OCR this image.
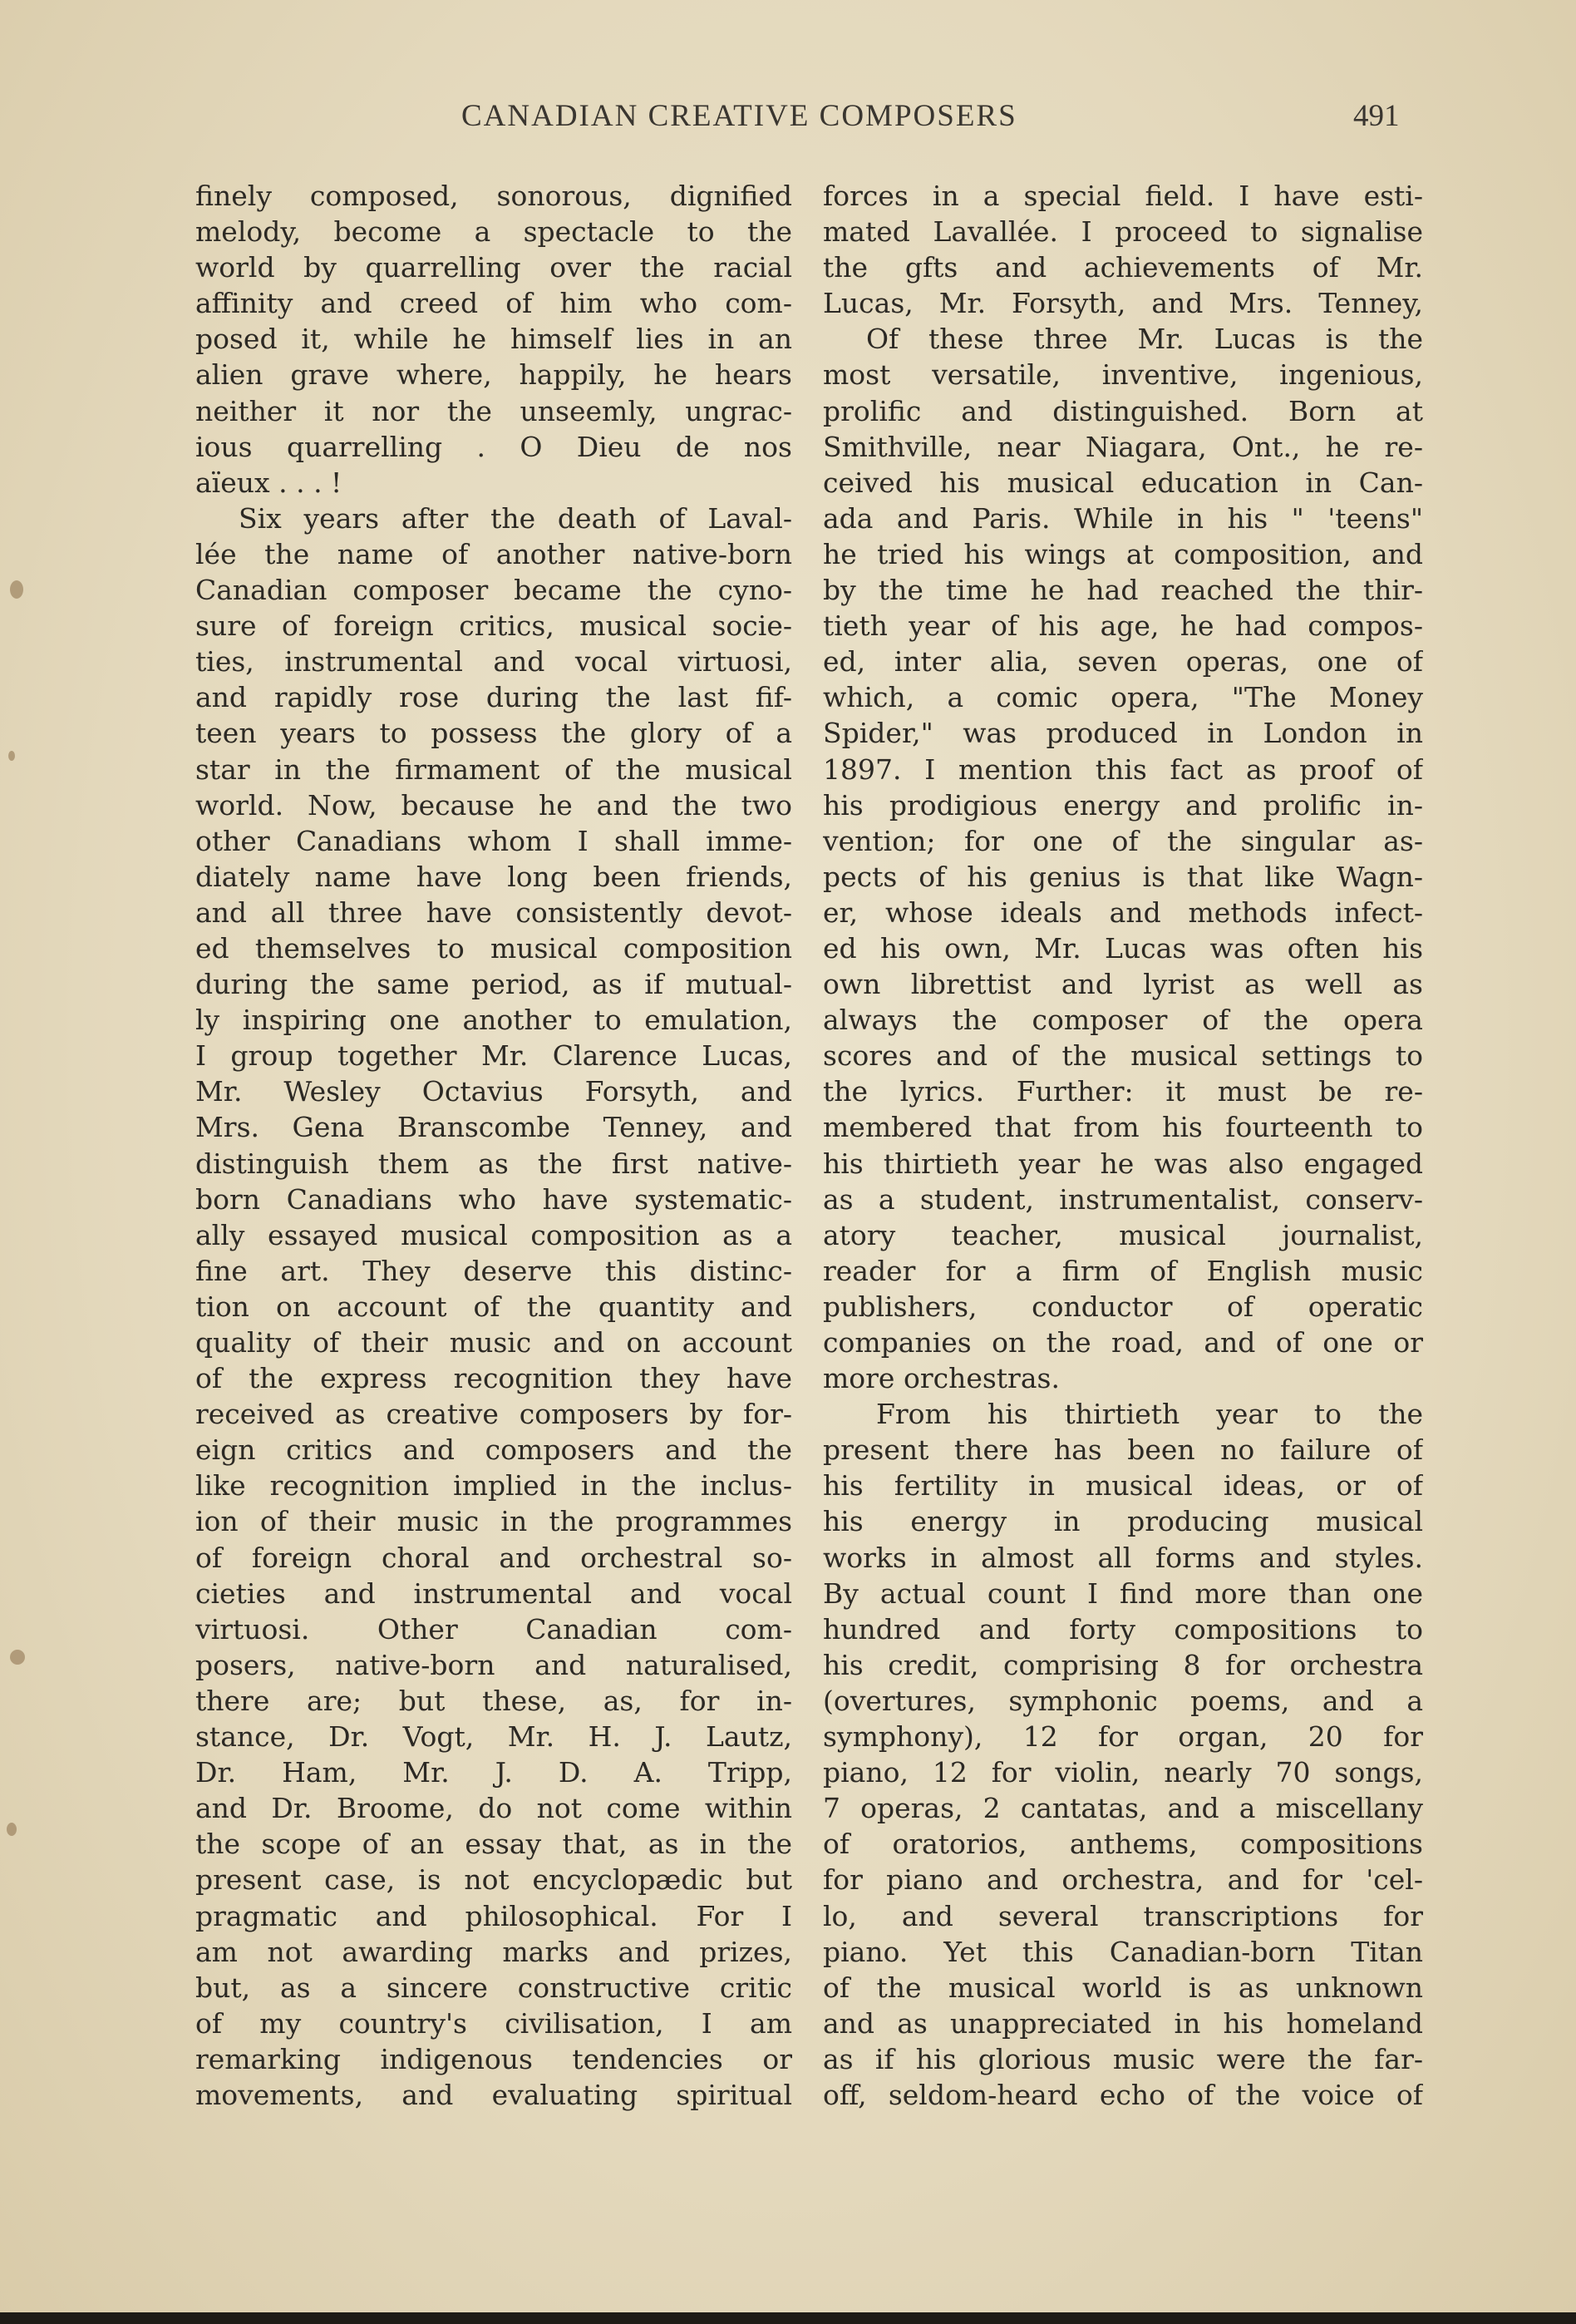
CANADIAN CREATIVE COMPOSERS	491
finely composed, sonorous, dignified
melody, become a spectacle to the
world by quarrelling over the racial
affinity and creed of him who com-
posed it, while he himself lies in an
alien grave where, happily, he hears
neither it nor the unseemly, ungrac-
ious quarrelling . O Dieu de nos
aïeux . . . !
Six years after the death of Laval-
lée the name of another native-born
Canadian composer became the cyno-
sure of foreign critics, musical socie-
ties, instrumental and vocal virtuosi,
and rapidly rose during the last fif-
teen years to possess the glory of a
star in the firmament of the musical
world. Now, because he and the two
other Canadians whom I shall imme-
diately name have long been friends,
and all three have consistently devot-
ed themselves to musical composition
during the same period, as if mutual-
ly inspiring one another to emulation,
I group together Mr. Clarence Lucas,
Mr. Wesley Octavius Forsyth, and
Mrs. Gena Branscombe Tenney, and
distinguish them as the first native-
born Canadians who have systematic-
ally essayed musical composition as a
fine art. They deserve this distinc-
tion on account of the quantity and
quality of their music and on account
of the express recognition they have
received as creative composers by for-
eign critics and composers and the
like recognition implied in the inclus-
ion of their music in the programmes
of foreign choral and orchestral so-
cieties and instrumental and vocal
virtuosi. Other Canadian com-
posers, native-born and naturalised,
there are; but these, as, for in-
stance, Dr. Vogt, Mr. H. J. Lautz,
Dr. Ham, Mr. J. D. A. Tripp,
and Dr. Broome, do not come within
the scope of an essay that, as in the
present case, is not encyclopædic but
pragmatic and philosophical. For I
am not awarding marks and prizes,
but, as a sincere constructive critic
of my country's civilisation, I am
remarking indigenous tendencies or
movements, and evaluating spiritual
forces in a special field. I have esti-
mated Lavallée. I proceed to signalise
the gfts and achievements of Mr.
Lucas, Mr. Forsyth, and Mrs. Tenney,
Of these three Mr. Lucas is the
most versatile, inventive, ingenious,
prolific and distinguished. Born at
Smithville, near Niagara, Ont., he re-
ceived his musical education in Can-
ada and Paris. While in his " 'teens"
he tried his wings at composition, and
by the time he had reached the thir-
tieth year of his age, he had compos-
ed, inter alia, seven operas, one of
which, a comic opera, "The Money
Spider," was produced in London in
1897. I mention this fact as proof of
his prodigious energy and prolific in-
vention; for one of the singular as-
pects of his genius is that like Wagn-
er, whose ideals and methods infect-
ed his own, Mr. Lucas was often his
own librettist and lyrist as well as
always the composer of the opera
scores and of the musical settings to
the lyrics. Further: it must be re-
membered that from his fourteenth to
his thirtieth year he was also engaged
as a student, instrumentalist, conserv-
atory teacher, musical journalist,
reader for a firm of English music
publishers, conductor of operatic
companies on the road, and of one or
more orchestras.
From his thirtieth year to the
present there has been no failure of
his fertility in musical ideas, or of
his energy in producing musical
works in almost all forms and styles.
By actual count I find more than one
hundred and forty compositions to
his credit, comprising 8 for orchestra
(overtures, symphonic poems, and a
symphony), 12 for organ, 20 for
piano, 12 for violin, nearly 70 songs,
7 operas, 2 cantatas, and a miscellany
of oratorios, anthems, compositions
for piano and orchestra, and for 'cel-
lo, and several transcriptions for
piano. Yet this Canadian-born Titan
of the musical world is as unknown
and as unappreciated in his homeland
as if his glorious music were the far-
off, seldom-heard echo of the voice of
